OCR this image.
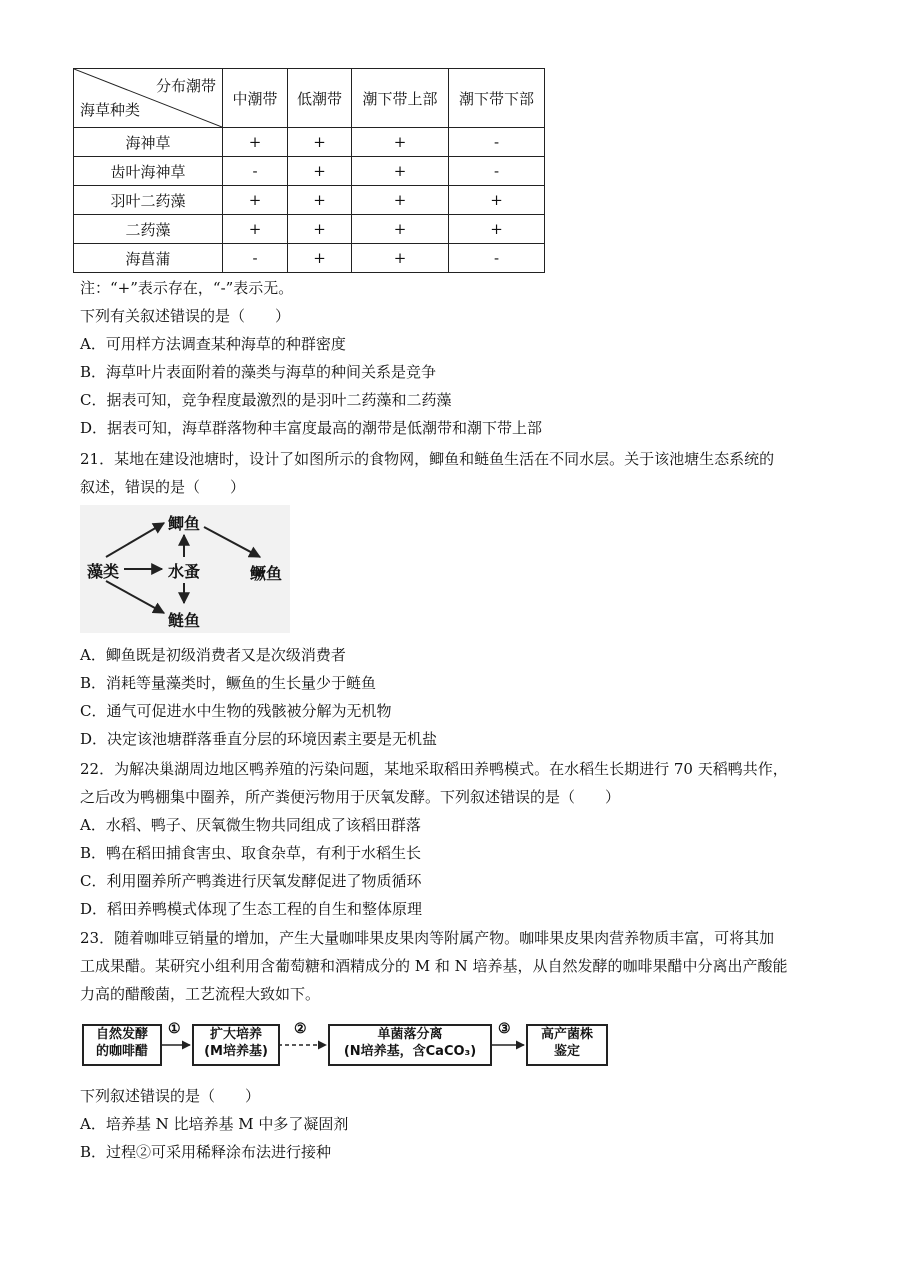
分布潮带
海草种类	中潮带	低潮带	潮下带上部	潮下带下部
海神草	+	+	+	-
齿叶海神草	-	+	+	-
羽叶二药藻	+	+	+	+
二药藻	+	+	+	+
海菖蒲	-	+	+	-
注：“+”表示存在，“-”表示无。
下列有关叙述错误的是（　　）
A．可用样方法调查某种海草的种群密度
B．海草叶片表面附着的藻类与海草的种间关系是竞争
C．据表可知，竞争程度最激烈的是羽叶二药藻和二药藻
D．据表可知，海草群落物种丰富度最高的潮带是低潮带和潮下带上部
21．某地在建设池塘时，设计了如图所示的食物网，鲫鱼和鲢鱼生活在不同水层。关于该池塘生态系统的
叙述，错误的是（　　）
藻类	水蚤
鲫鱼
鲢鱼
鳜鱼
A．鲫鱼既是初级消费者又是次级消费者
B．消耗等量藻类时，鳜鱼的生长量少于鲢鱼
C．通气可促进水中生物的残骸被分解为无机物
D．决定该池塘群落垂直分层的环境因素主要是无机盐
22．为解决巢湖周边地区鸭养殖的污染问题，某地采取稻田养鸭模式。在水稻生长期进行 70 天稻鸭共作，
之后改为鸭棚集中圈养，所产粪便污物用于厌氧发酵。下列叙述错误的是（　　）
A．水稻、鸭子、厌氧微生物共同组成了该稻田群落
B．鸭在稻田捕食害虫、取食杂草，有利于水稻生长
C．利用圈养所产鸭粪进行厌氧发酵促进了物质循环
D．稻田养鸭模式体现了生态工程的自生和整体原理
23．随着咖啡豆销量的增加，产生大量咖啡果皮果肉等附属产物。咖啡果皮果肉营养物质丰富，可将其加
工成果醋。某研究小组利用含葡萄糖和酒精成分的 M 和 N 培养基，从自然发酵的咖啡果醋中分离出产酸能
力高的醋酸菌，工艺流程大致如下。
自然发酵
的咖啡醋
①	扩大培养
(M培养基)
②	单菌落分离
(N培养基，含CaCO₃)
③	高产菌株
鉴定
下列叙述错误的是（　　）
A．培养基 N 比培养基 M 中多了凝固剂
B．过程②可采用稀释涂布法进行接种
